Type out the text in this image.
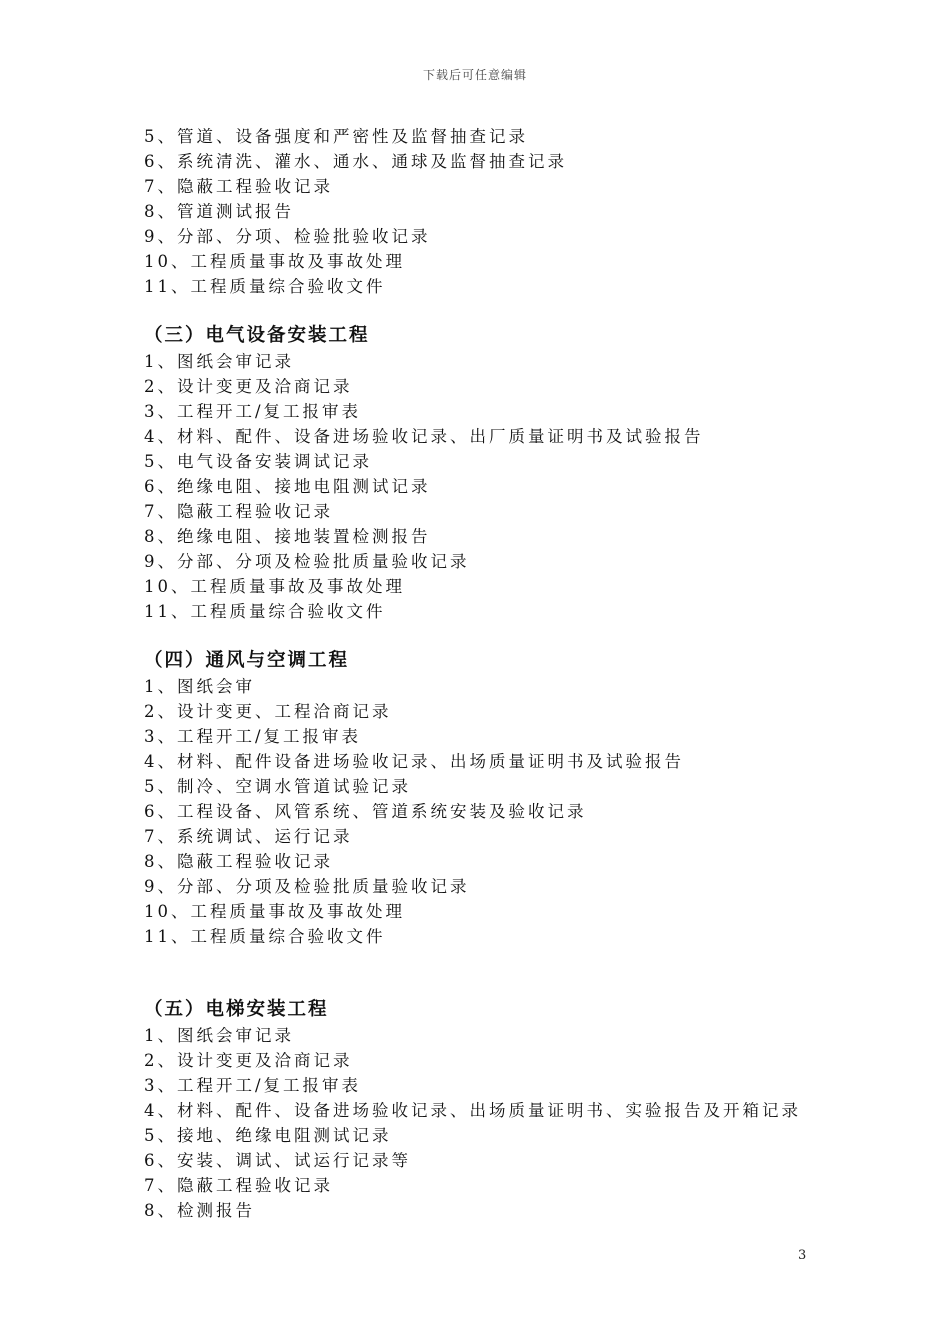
下载后可任意编辑
5、管道、设备强度和严密性及监督抽查记录
6、系统清洗、灌水、通水、通球及监督抽查记录
7、隐蔽工程验收记录
8、管道测试报告
9、分部、分项、检验批验收记录
10、工程质量事故及事故处理
11、工程质量综合验收文件
（三）电气设备安装工程
1、图纸会审记录
2、设计变更及洽商记录
3、工程开工/复工报审表
4、材料、配件、设备进场验收记录、出厂质量证明书及试验报告
5、电气设备安装调试记录
6、绝缘电阻、接地电阻测试记录
7、隐蔽工程验收记录
8、绝缘电阻、接地装置检测报告
9、分部、分项及检验批质量验收记录
10、工程质量事故及事故处理
11、工程质量综合验收文件
（四）通风与空调工程
1、图纸会审
2、设计变更、工程洽商记录
3、工程开工/复工报审表
4、材料、配件设备进场验收记录、出场质量证明书及试验报告
5、制冷、空调水管道试验记录
6、工程设备、风管系统、管道系统安装及验收记录
7、系统调试、运行记录
8、隐蔽工程验收记录
9、分部、分项及检验批质量验收记录
10、工程质量事故及事故处理
11、工程质量综合验收文件
（五）电梯安装工程
1、图纸会审记录
2、设计变更及洽商记录
3、工程开工/复工报审表
4、材料、配件、设备进场验收记录、出场质量证明书、实验报告及开箱记录
5、接地、绝缘电阻测试记录
6、安装、调试、试运行记录等
7、隐蔽工程验收记录
8、检测报告
3
